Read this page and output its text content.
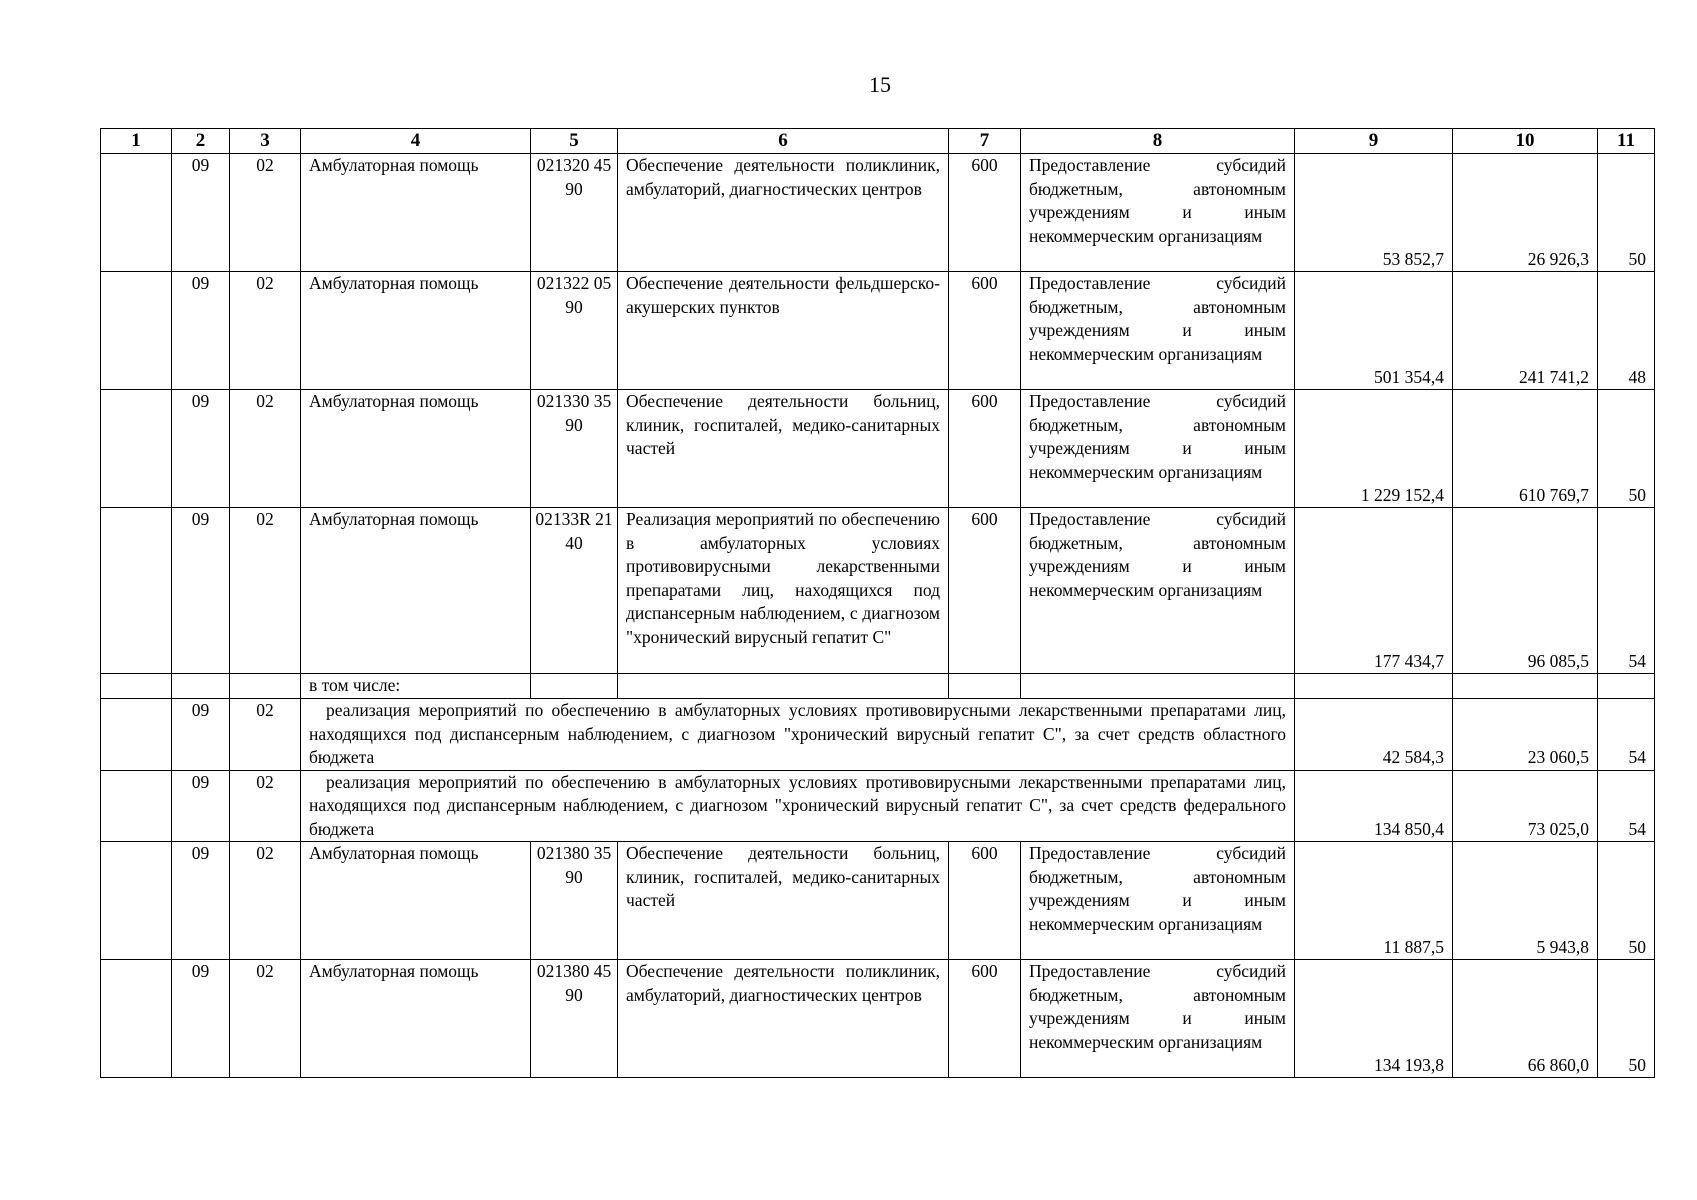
15
1	2	3	4	5	6	7	8	9	10	11
	09	02	Амбулаторная помощь	021320 4590	Обеспечение деятельности поликлиник, амбулаторий, диагностических центров	600	Предоставление субсидий бюджетным, автономным учреждениям и иным некоммерческим организациям	53 852,7	26 926,3	50
	09	02	Амбулаторная помощь	021322 0590	Обеспечение деятельности фельдшерско-акушерских пунктов	600	Предоставление субсидий бюджетным, автономным учреждениям и иным некоммерческим организациям	501 354,4	241 741,2	48
	09	02	Амбулаторная помощь	021330 3590	Обеспечение деятельности больниц, клиник, госпиталей, медико-санитарных частей	600	Предоставление субсидий бюджетным, автономным учреждениям и иным некоммерческим организациям	1 229 152,4	610 769,7	50
	09	02	Амбулаторная помощь	02133R 2140	Реализация мероприятий по обеспечению в амбулаторных условиях противовирусными лекарственными препаратами лиц, находящихся под диспансерным наблюдением, с диагнозом "хронический вирусный гепатит С"	600	Предоставление субсидий бюджетным, автономным учреждениям и иным некоммерческим организациям	177 434,7	96 085,5	54
			в том числе:							
	09	02	реализация мероприятий по обеспечению в амбулаторных условиях противовирусными лекарственными препаратами лиц, находящихся под диспансерным наблюдением, с диагнозом "хронический вирусный гепатит С", за счет средств областного бюджета					42 584,3	23 060,5	54
	09	02	реализация мероприятий по обеспечению в амбулаторных условиях противовирусными лекарственными препаратами лиц, находящихся под диспансерным наблюдением, с диагнозом "хронический вирусный гепатит С", за счет средств федерального бюджета					134 850,4	73 025,0	54
	09	02	Амбулаторная помощь	021380 3590	Обеспечение деятельности больниц, клиник, госпиталей, медико-санитарных частей	600	Предоставление субсидий бюджетным, автономным учреждениям и иным некоммерческим организациям	11 887,5	5 943,8	50
	09	02	Амбулаторная помощь	021380 4590	Обеспечение деятельности поликлиник, амбулаторий, диагностических центров	600	Предоставление субсидий бюджетным, автономным учреждениям и иным некоммерческим организациям	134 193,8	66 860,0	50
